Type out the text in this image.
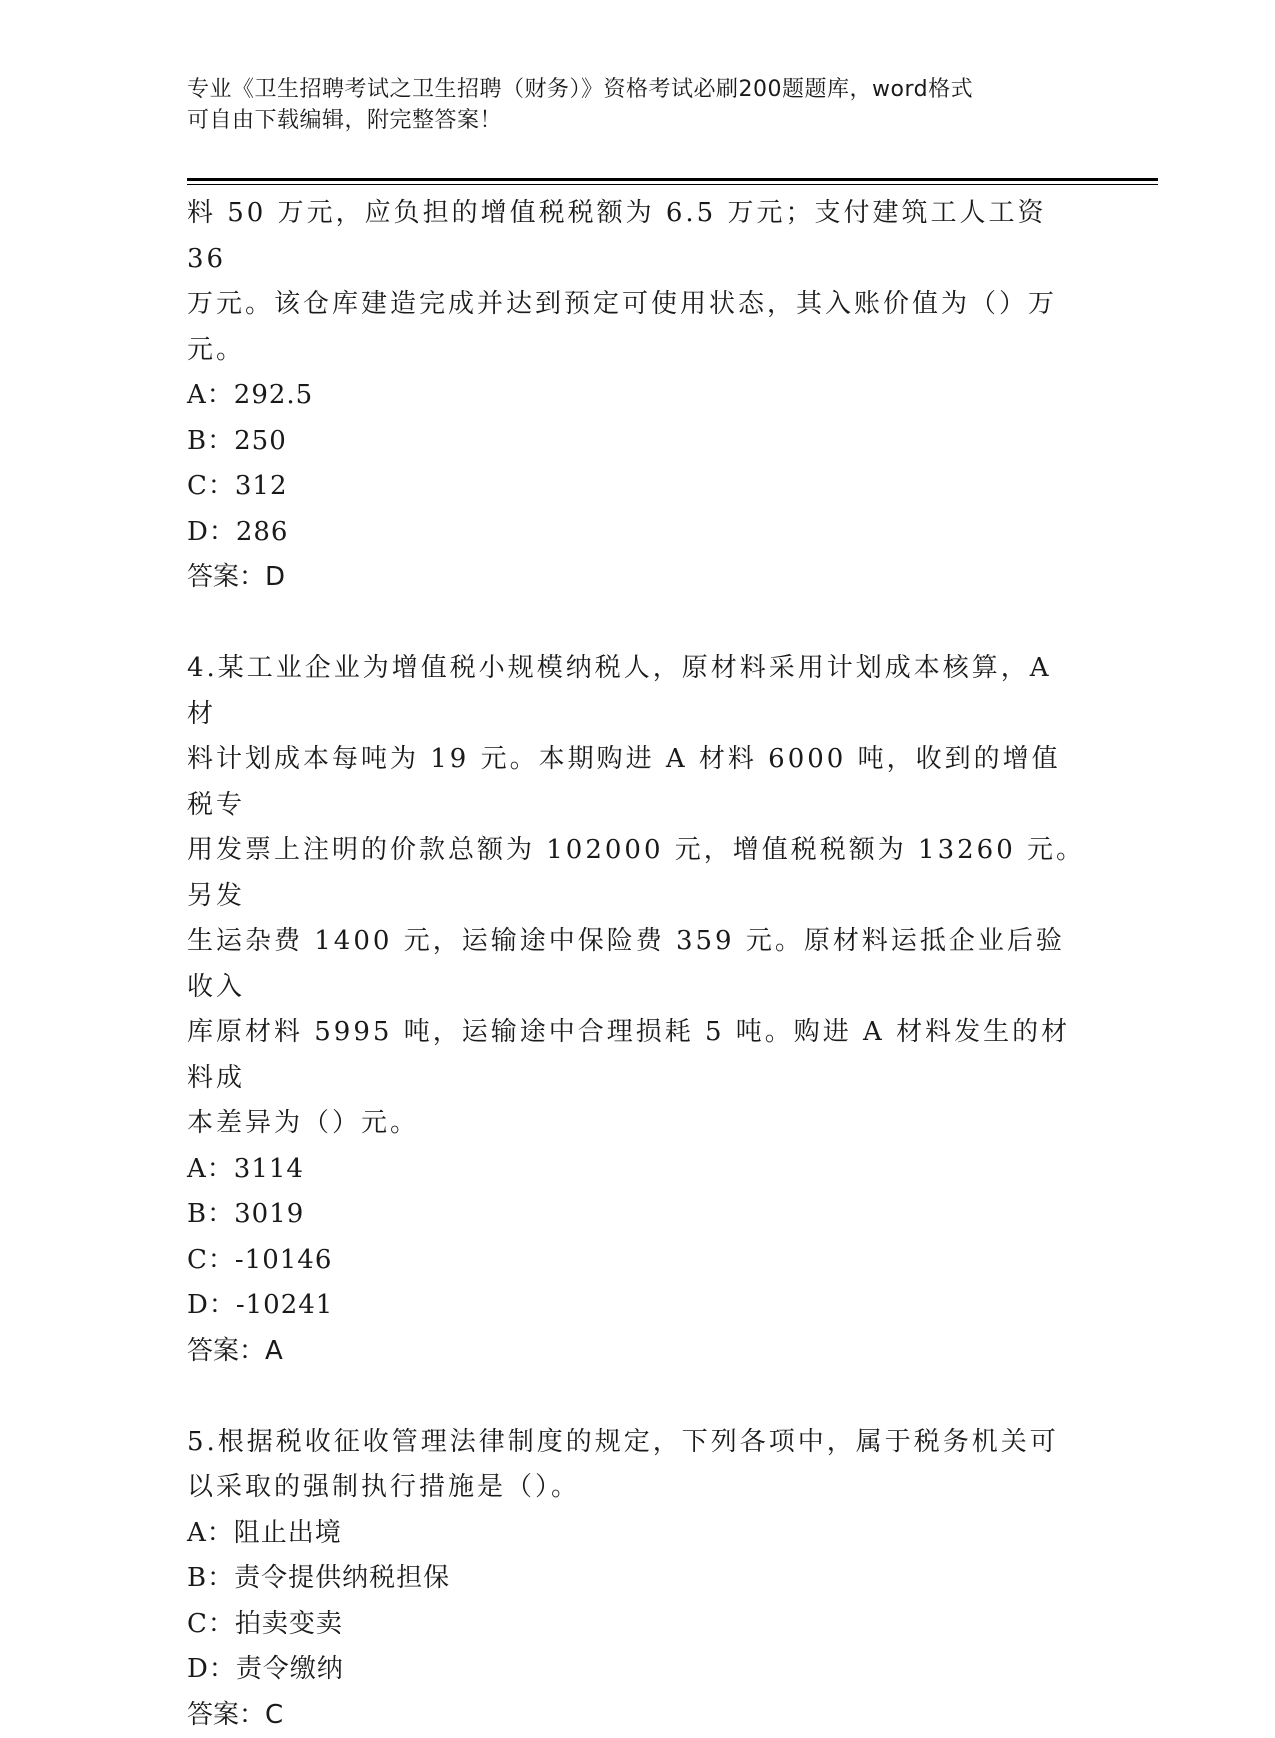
专业《卫生招聘考试之卫生招聘（财务）》资格考试必刷200题题库，word格式
可自由下载编辑，附完整答案！
料 50 万元，应负担的增值税税额为 6.5 万元；支付建筑工人工资 36
万元。该仓库建造完成并达到预定可使用状态，其入账价值为（）万
元。
A：292.5
B：250
C：312
D：286
答案：D
4.某工业企业为增值税小规模纳税人，原材料采用计划成本核算，A 材
料计划成本每吨为 19 元。本期购进 A 材料 6000 吨，收到的增值税专
用发票上注明的价款总额为 102000 元，增值税税额为 13260 元。另发
生运杂费 1400 元，运输途中保险费 359 元。原材料运抵企业后验收入
库原材料 5995 吨，运输途中合理损耗 5 吨。购进 A 材料发生的材料成
本差异为（）元。
A：3114
B：3019
C：-10146
D：-10241
答案：A
5.根据税收征收管理法律制度的规定，下列各项中，属于税务机关可
以采取的强制执行措施是（）。
A：阻止出境
B：责令提供纳税担保
C：拍卖变卖
D：责令缴纳
答案：C
